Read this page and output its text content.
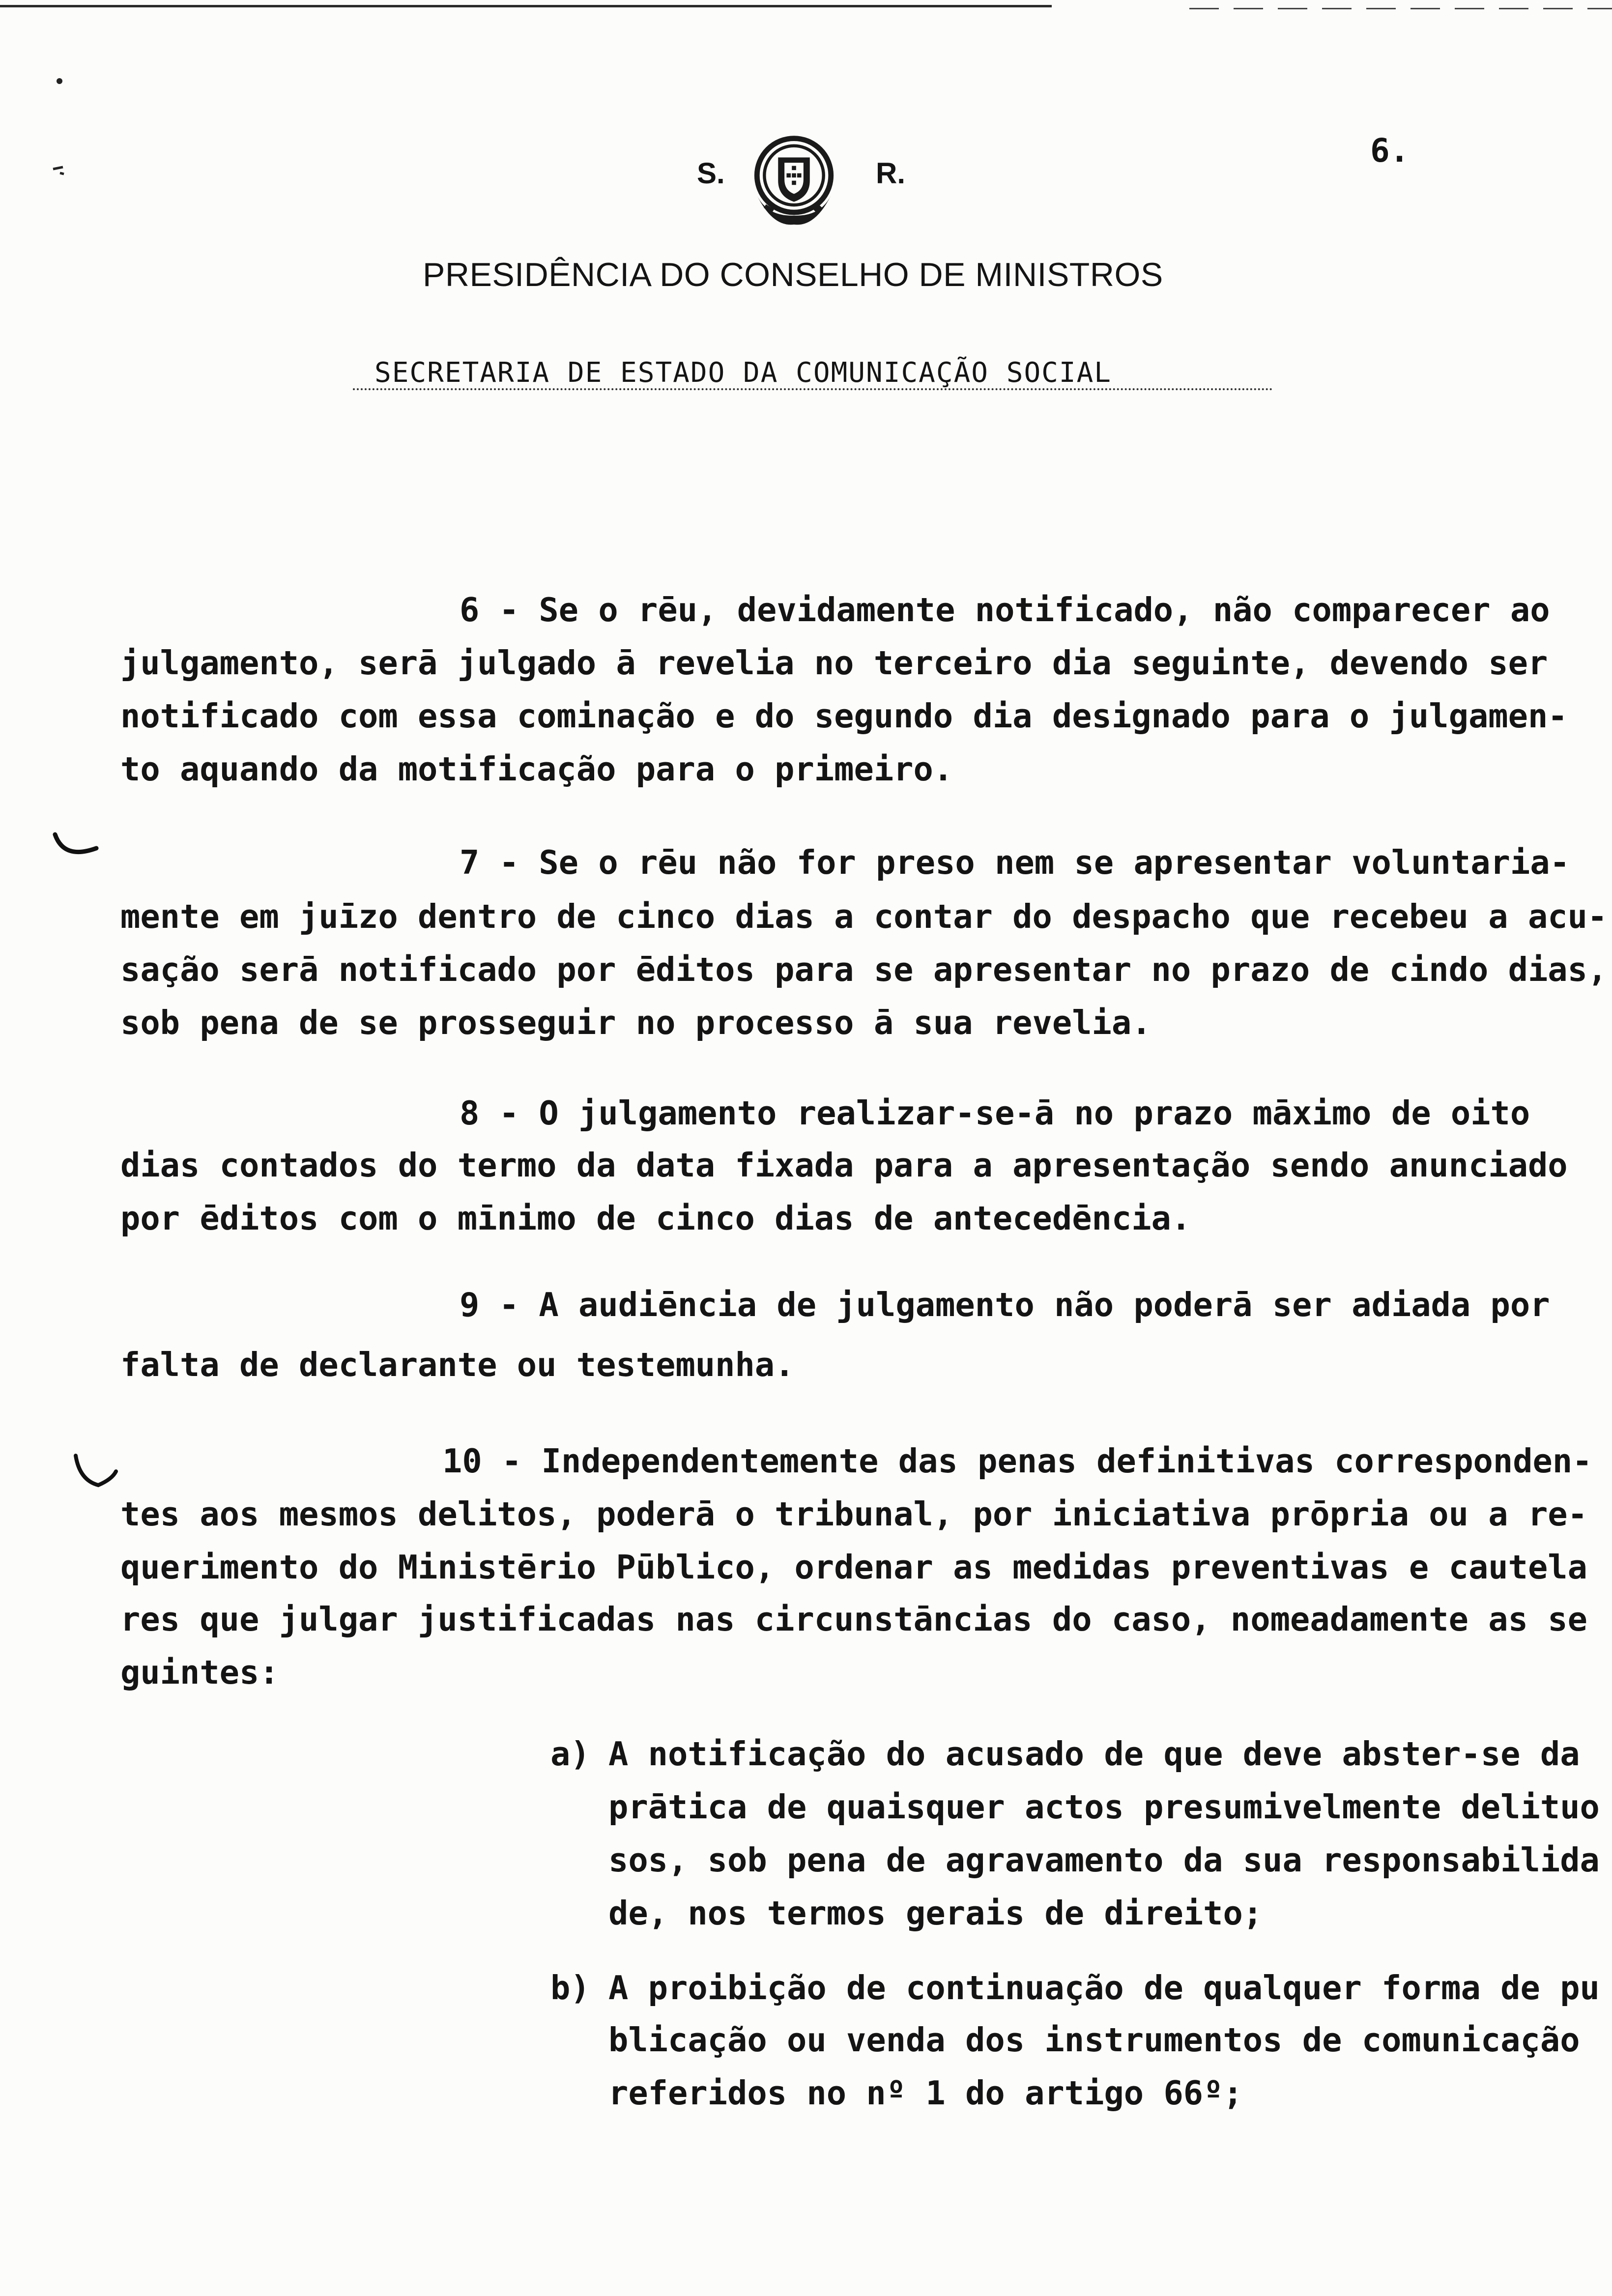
S.	R.
6.
PRESIDÊNCIA DO CONSELHO DE MINISTROS
SECRETARIA DE ESTADO DA COMUNICAÇÃO SOCIAL
6 - Se o rēu, devidamente notificado, não comparecer ao
julgamento, serā julgado ā revelia no terceiro dia seguinte, devendo ser
notificado com essa cominação e do segundo dia designado para o julgamen-
to aquando da motificação para o primeiro.
7 - Se o rēu não for preso nem se apresentar voluntaria-
mente em juīzo dentro de cinco dias a contar do despacho que recebeu a acu-
sação serā notificado por ēditos para se apresentar no prazo de cindo dias,
sob pena de se prosseguir no processo ā sua revelia.
8 - O julgamento realizar-se-ā no prazo māximo de oito
dias contados do termo da data fixada para a apresentação sendo anunciado
por ēditos com o mīnimo de cinco dias de antecedēncia.
9 - A audiēncia de julgamento não poderā ser adiada por
falta de declarante ou testemunha.
10 - Independentemente das penas definitivas corresponden-
tes aos mesmos delitos, poderā o tribunal, por iniciativa prōpria ou a re-
querimento do Ministērio Pūblico, ordenar as medidas preventivas e cautela
res que julgar justificadas nas circunstāncias do caso, nomeadamente as se
guintes:
a) A notificação do acusado de que deve abster-se da
prātica de quaisquer actos presumivelmente delituo
sos, sob pena de agravamento da sua responsabilida
de, nos termos gerais de direito;
b) A proibição de continuação de qualquer forma de pu
blicação ou venda dos instrumentos de comunicação
referidos no nº 1 do artigo 66º;
